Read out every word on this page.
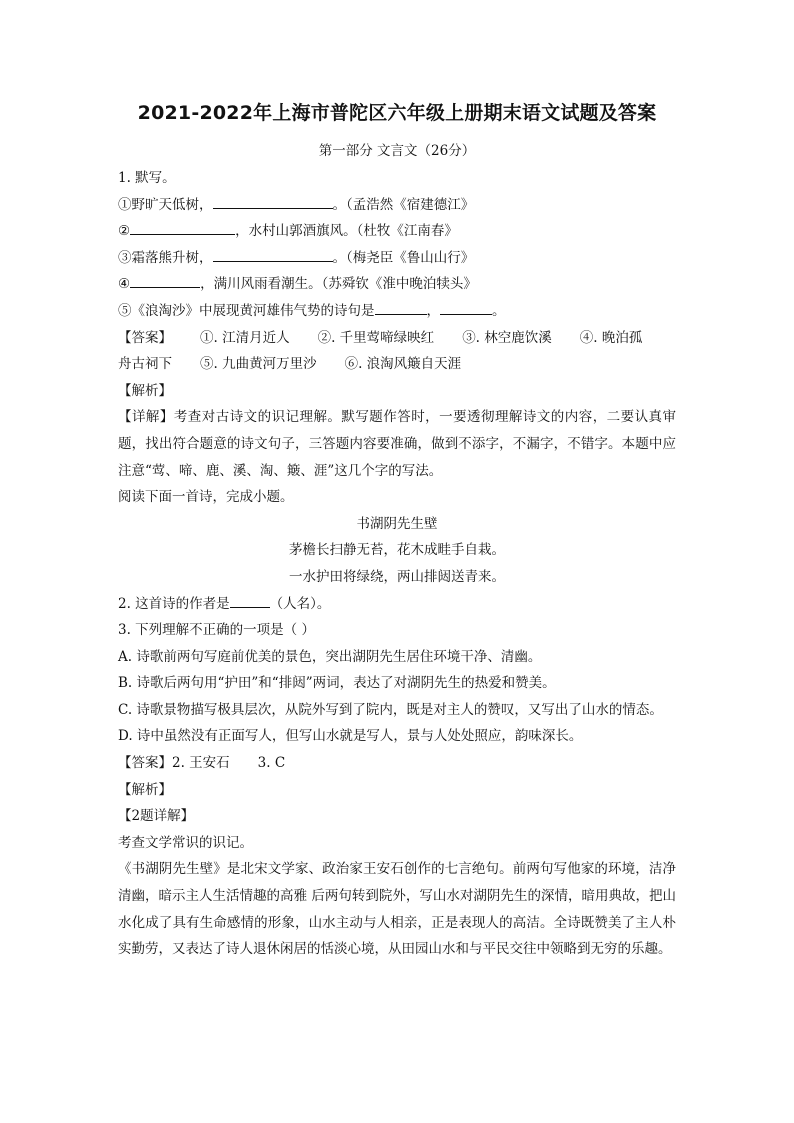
2021-2022年上海市普陀区六年级上册期末语文试题及答案
第一部分 文言文（26分）
1. 默写。
①野旷天低树，	。（孟浩然《宿建德江》
②	，水村山郭酒旗风。（杜牧《江南春》
③霜落熊升树，	。（梅尧臣《鲁山山行》
④	，满川风雨看潮生。（苏舜钦《淮中晚泊犊头》
⑤《浪淘沙》中展现黄河雄伟气势的诗句是	，	。
【答案】 ①. 江清月近人 ②. 千里莺啼绿映红 ③. 林空鹿饮溪 ④. 晚泊孤
舟古祠下 ⑤. 九曲黄河万里沙 ⑥. 浪淘风簸自天涯
【解析】
【详解】考查对古诗文的识记理解。默写题作答时，一要透彻理解诗文的内容，二要认真审题，找出符合题意的诗文句子，三答题内容要准确，做到不添字，不漏字，不错字。本题中应注意“莺、啼、鹿、溪、淘、簸、涯”这几个字的写法。
阅读下面一首诗，完成小题。
书湖阴先生壁
茅檐长扫静无苔，花木成畦手自栽。
一水护田将绿绕，两山排闼送青来。
2. 这首诗的作者是	（人名）。
3. 下列理解不正确的一项是（ ）
A. 诗歌前两句写庭前优美的景色，突出湖阴先生居住环境干净、清幽。
B. 诗歌后两句用“护田”和“排闼”两词，表达了对湖阴先生的热爱和赞美。
C. 诗歌景物描写极具层次，从院外写到了院内，既是对主人的赞叹，又写出了山水的情态。
D. 诗中虽然没有正面写人，但写山水就是写人，景与人处处照应，韵味深长。
【答案】2. 王安石 3. C
【解析】
【2题详解】
考查文学常识的识记。
《书湖阴先生壁》是北宋文学家、政治家王安石创作的七言绝句。前两句写他家的环境，洁净清幽，暗示主人生活情趣的高雅 后两句转到院外，写山水对湖阴先生的深情，暗用典故，把山水化成了具有生命感情的形象，山水主动与人相亲，正是表现人的高洁。全诗既赞美了主人朴实勤劳，又表达了诗人退休闲居的恬淡心境，从田园山水和与平民交往中领略到无穷的乐趣。
